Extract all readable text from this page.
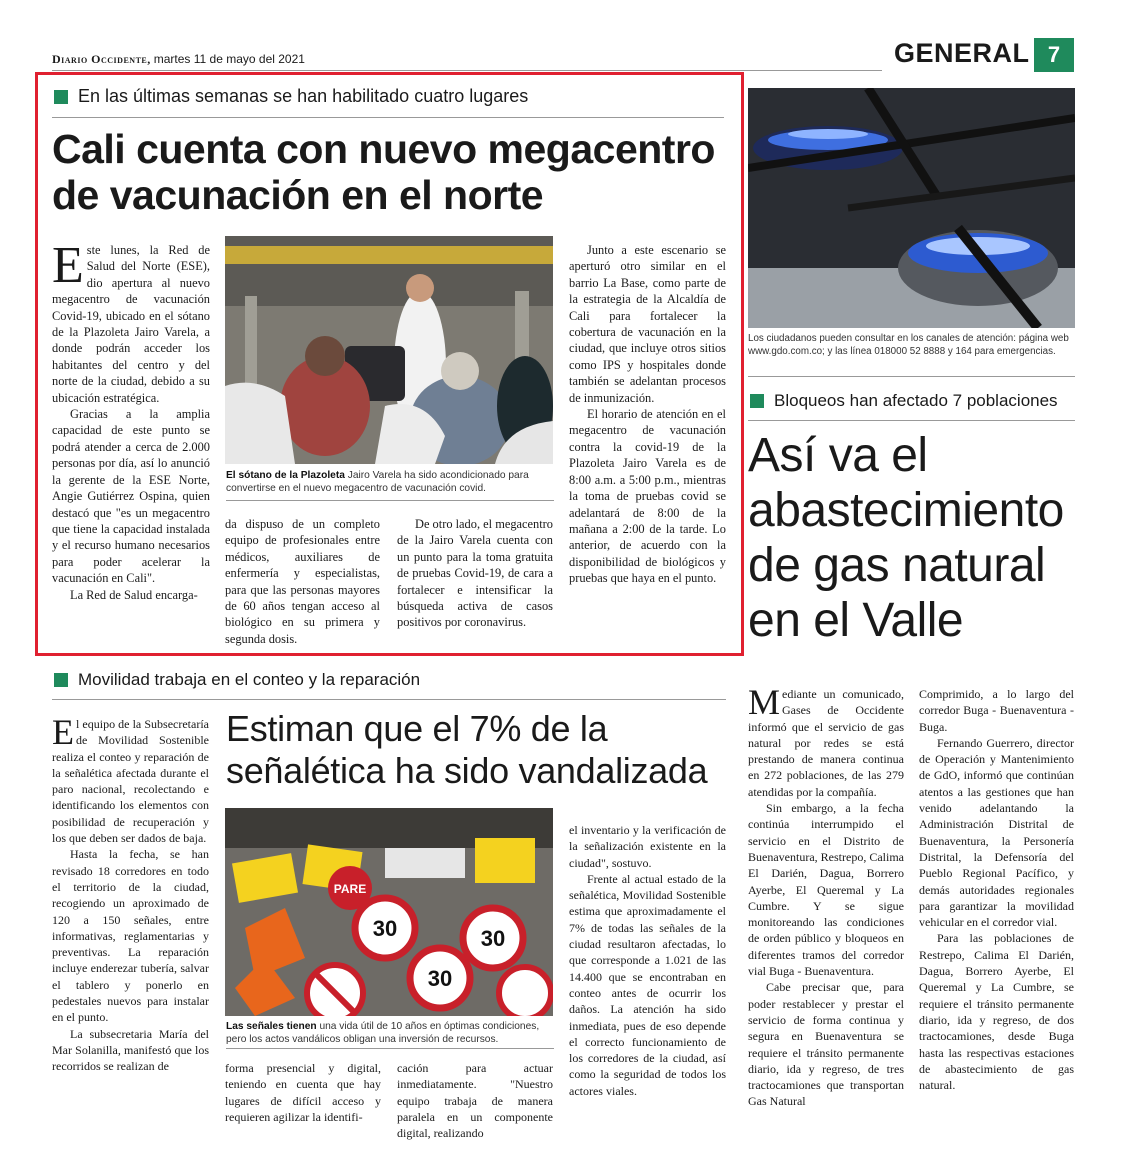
Diario Occidente, martes 11 de mayo del 2021	GENERAL 7
En las últimas semanas se han habilitado cuatro lugares
Cali cuenta con nuevo megacentro de vacunación en el norte

Este lunes, la Red de Salud del Norte (ESE), dio apertura al nuevo megacentro de vacunación Covid-19, ubicado en el sótano de la Plazoleta Jairo Varela, a donde podrán acceder los habitantes del centro y del norte de la ciudad, debido a su ubicación estratégica.

Gracias a la amplia capacidad de este punto se podrá atender a cerca de 2.000 personas por día, así lo anunció la gerente de la ESE Norte, Angie Gutiérrez Ospina, quien destacó que "es un megacentro que tiene la capacidad instalada y el recurso humano necesarios para poder acelerar la vacunación en Cali".

La Red de Salud encarga-

El sótano de la Plazoleta Jairo Varela ha sido acondicionado para convertirse en el nuevo megacentro de vacunación covid.

da dispuso de un completo equipo de profesionales entre médicos, auxiliares de enfermería y especialistas, para que las personas mayores de 60 años tengan acceso al biológico en su primera y segunda dosis.

De otro lado, el megacentro de la Jairo Varela cuenta con un punto para la toma gratuita de pruebas Covid-19, de cara a fortalecer e intensificar la búsqueda activa de casos positivos por coronavirus.

Junto a este escenario se aperturó otro similar en el barrio La Base, como parte de la estrategia de la Alcaldía de Cali para fortalecer la cobertura de vacunación en la ciudad, que incluye otros sitios como IPS y hospitales donde también se adelantan procesos de inmunización.

El horario de atención en el megacentro de vacunación contra la covid-19 de la Plazoleta Jairo Varela es de 8:00 a.m. a 5:00 p.m., mientras la toma de pruebas covid se adelantará de 8:00 de la mañana a 2:00 de la tarde. Lo anterior, de acuerdo con la disponibilidad de biológicos y pruebas que haya en el punto.

Los ciudadanos pueden consultar en los canales de atención: página web www.gdo.com.co; y las línea 018000 52 8888 y 164 para emergencias.
Bloqueos han afectado 7 poblaciones
Así va el abastecimiento de gas natural en el Valle

Mediante un comunicado, Gases de Occidente informó que el servicio de gas natural por redes se está prestando de manera continua en 272 poblaciones, de las 279 atendidas por la compañía.

Sin embargo, a la fecha continúa interrumpido el servicio en el Distrito de Buenaventura, Restrepo, Calima El Darién, Dagua, Borrero Ayerbe, El Queremal y La Cumbre. Y se sigue monitoreando las condiciones de orden público y bloqueos en diferentes tramos del corredor vial Buga - Buenaventura.

Cabe precisar que, para poder restablecer y prestar el servicio de forma continua y segura en Buenaventura se requiere el tránsito permanente diario, ida y regreso, de tres tractocamiones que transportan Gas Natural

Comprimido, a lo largo del corredor Buga - Buenaventura - Buga.

Fernando Guerrero, director de Operación y Mantenimiento de GdO, informó que continúan atentos a las gestiones que han venido adelantando la Administración Distrital de Buenaventura, la Personería Distrital, la Defensoría del Pueblo Regional Pacífico, y demás autoridades regionales para garantizar la movilidad vehicular en el corredor vial.

Para las poblaciones de Restrepo, Calima El Darién, Dagua, Borrero Ayerbe, El Queremal y La Cumbre, se requiere el tránsito permanente diario, ida y regreso, de dos tractocamiones, desde Buga hasta las respectivas estaciones de abastecimiento de gas natural.

Movilidad trabaja en el conteo y la reparación
Estiman que el 7% de la señalética ha sido vandalizada

El equipo de la Subsecretaría de Movilidad Sostenible realiza el conteo y reparación de la señalética afectada durante el paro nacional, recolectando e identificando los elementos con posibilidad de recuperación y los que deben ser dados de baja.

Hasta la fecha, se han revisado 18 corredores en todo el territorio de la ciudad, recogiendo un aproximado de 120 a 150 señales, entre informativas, reglamentarias y preventivas. La reparación incluye enderezar tubería, salvar el tablero y ponerlo en pedestales nuevos para instalar en el punto.

La subsecretaria María del Mar Solanilla, manifestó que los recorridos se realizan de

PARE
30
30
30
Las señales tienen una vida útil de 10 años en óptimas condiciones, pero los actos vandálicos obligan una inversión de recursos.

forma presencial y digital, teniendo en cuenta que hay lugares de difícil acceso y requieren agilizar la identifi-

cación para actuar inmediatamente. "Nuestro equipo trabaja de manera paralela en un componente digital, realizando

el inventario y la verificación de la señalización existente en la ciudad", sostuvo.

Frente al actual estado de la señalética, Movilidad Sostenible estima que aproximadamente el 7% de todas las señales de la ciudad resultaron afectadas, lo que corresponde a 1.021 de las 14.400 que se encontraban en conteo antes de ocurrir los daños. La atención ha sido inmediata, pues de eso depende el correcto funcionamiento de los corredores de la ciudad, así como la seguridad de todos los actores viales.
